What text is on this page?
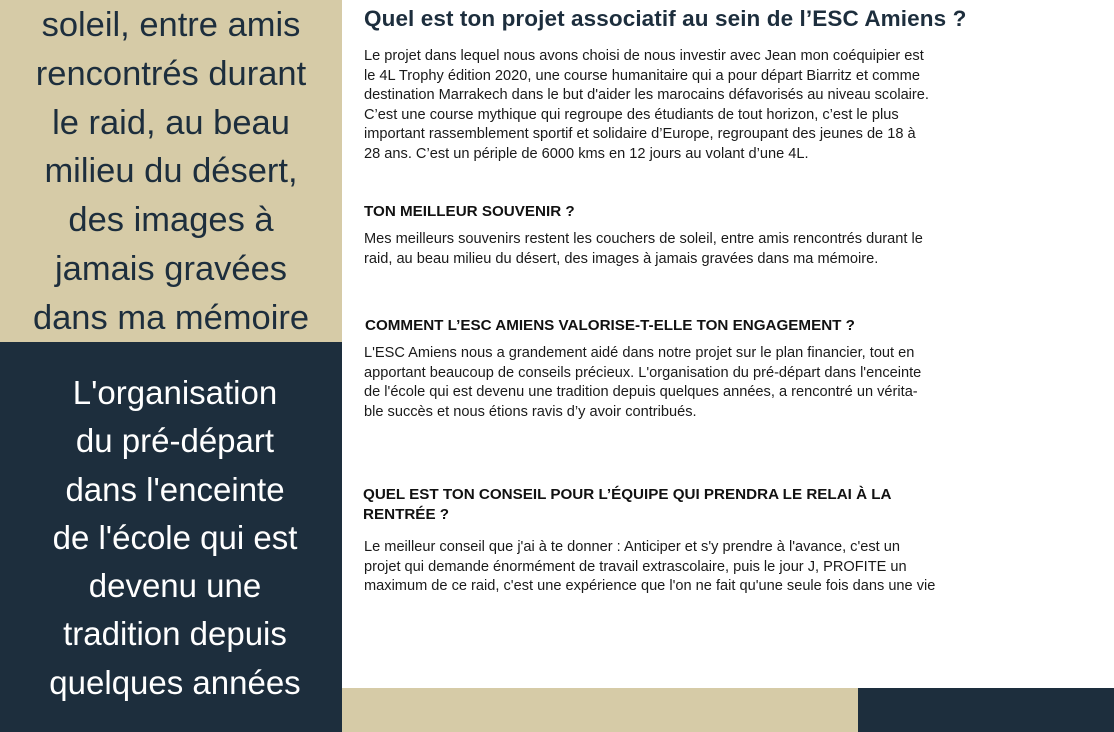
soleil, entre amis
rencontrés durant
le raid, au beau
milieu du désert,
des images à
jamais gravées
dans ma mémoire
L'organisation
du pré-départ
dans l'enceinte
de l'école qui est
devenu une
tradition depuis
quelques années
Quel est ton projet associatif au sein de l’ESC Amiens ?
Le projet dans lequel nous avons choisi de nous investir avec Jean mon coéquipier est
le 4L Trophy édition 2020, une course humanitaire qui a pour départ Biarritz et comme
destination Marrakech dans le but d'aider les marocains défavorisés au niveau scolaire.
C’est une course mythique qui regroupe des étudiants de tout horizon, c’est le plus
important rassemblement sportif et solidaire d’Europe, regroupant des jeunes de 18 à
28 ans. C’est un périple de 6000 kms en 12 jours au volant d’une 4L.
TON MEILLEUR SOUVENIR ?
Mes meilleurs souvenirs restent les couchers de soleil, entre amis rencontrés durant le
raid, au beau milieu du désert, des images à jamais gravées dans ma mémoire.
COMMENT L’ESC AMIENS VALORISE-T-ELLE TON ENGAGEMENT ?
L'ESC Amiens nous a grandement aidé dans notre projet sur le plan financier, tout en
apportant beaucoup de conseils précieux. L'organisation du pré-départ dans l'enceinte
de l'école qui est devenu une tradition depuis quelques années, a rencontré un vérita-
ble succès et nous étions ravis d’y avoir contribués.
QUEL EST TON CONSEIL POUR L’ÉQUIPE QUI PRENDRA LE RELAI À LA
RENTRÉE ?
Le meilleur conseil que j'ai à te donner : Anticiper et s'y prendre à l'avance, c'est un
projet qui demande énormément de travail extrascolaire, puis le jour J, PROFITE un
maximum de ce raid, c'est une expérience que l'on ne fait qu'une seule fois dans une vie
